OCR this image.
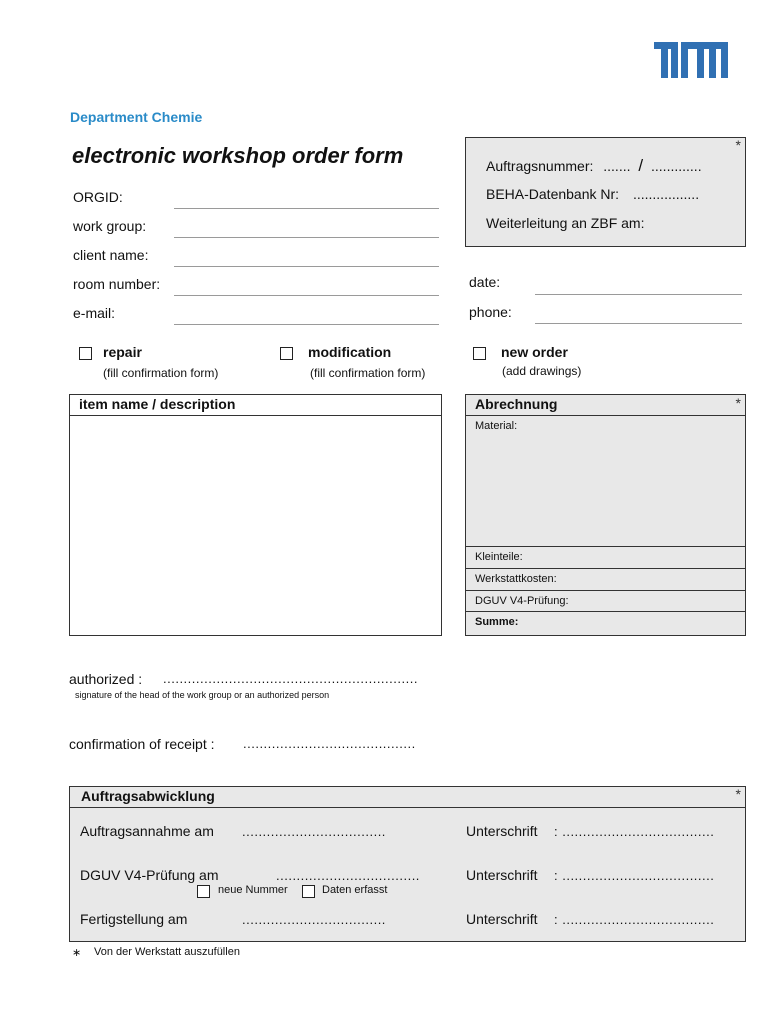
Department Chemie
electronic workshop order form
ORGID:
work group:
client name:
room number:
e-mail:
*
Auftragsnummer: ....... / .............
BEHA-Datenbank Nr: .................
Weiterleitung an ZBF am:
date:
phone:
repair
(fill confirmation form)
modification
(fill confirmation form)
new order
(add drawings)
item name / description	*
Abrechnung
Material:
Kleinteile:
Werkstattkosten:
DGUV V4-Prüfung:
Summe:
authorized : ..............................................................
signature of the head of the work group or an authorized person
confirmation of receipt : ..........................................
*
Auftragsabwicklung
Auftragsannahme am ...................................	Unterschrift : .....................................
DGUV V4-Prüfung am	...................................	Unterschrift : .....................................
neue Nummer	Daten erfasst
Fertigstellung am	...................................	Unterschrift : .....................................
∗ Von der Werkstatt auszufüllen
